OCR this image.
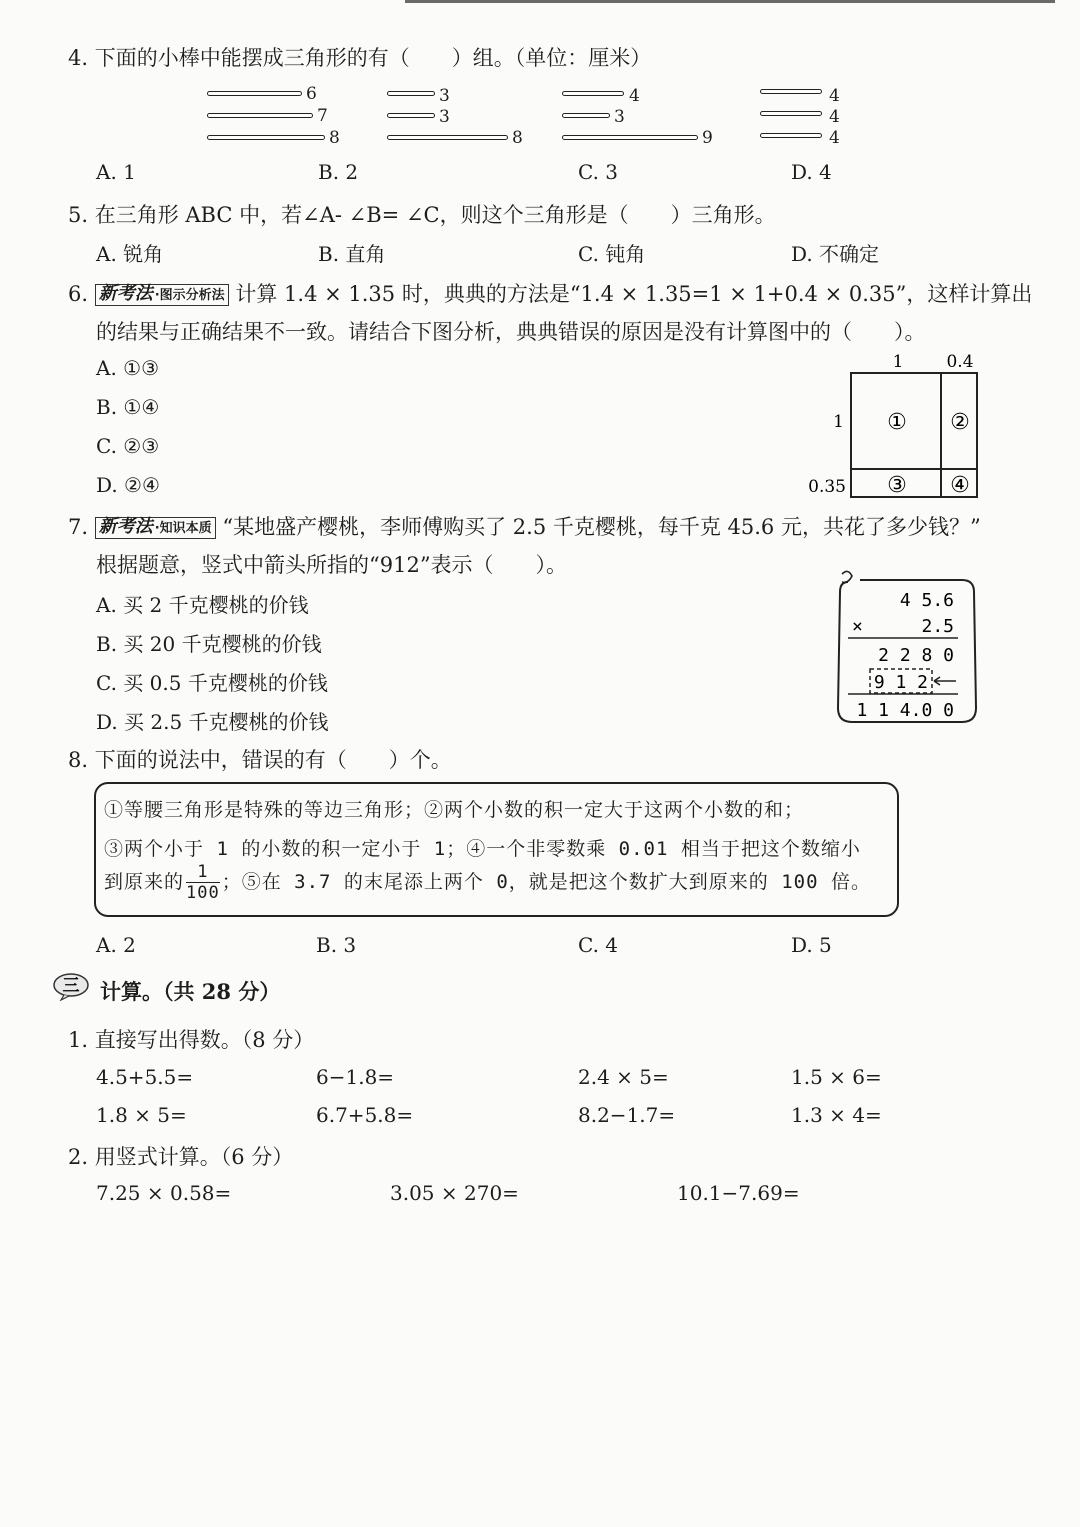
4. 下面的小棒中能摆成三角形的有（　　）组。（单位：厘米）
6
7
8
3
3
8
4
3
9
4
4
4
A. 1	B. 2	C. 3	D. 4
5. 在三角形 ABC 中，若∠A- ∠B= ∠C，则这个三角形是（　　）三角形。
A. 锐角	B. 直角	C. 钝角	D. 不确定
6. 新考法 ·图示分析法 计算 1.4 × 1.35 时，典典的方法是“1.4 × 1.35=1 × 1+0.4 × 0.35”，这样计算出
的结果与正确结果不一致。请结合下图分析，典典错误的原因是没有计算图中的（　　）。
A. ①③
B. ①④
C. ②③
D. ②④
1	0.4
1
0.35
① ②
③ ④
7. 新考法 ·知识本质 “某地盛产樱桃，李师傅购买了 2.5 千克樱桃，每千克 45.6 元，共花了多少钱？”
根据题意，竖式中箭头所指的“912”表示（　　）。
A. 买 2 千克樱桃的价钱
B. 买 20 千克樱桃的价钱
C. 买 0.5 千克樱桃的价钱
D. 买 2.5 千克樱桃的价钱
4 5.6
×	2.5
2 2 8 0
9 1 2
1 1 4.0 0
8. 下面的说法中，错误的有（　　）个。
①等腰三角形是特殊的等边三角形；②两个小数的积一定大于这两个小数的和；
③两个小于 1 的小数的积一定小于 1；④一个非零数乘 0.01 相当于把这个数缩小
到原来的 $\frac{1}{100}$ ；⑤在 3.7 的末尾添上两个 0，就是把这个数扩大到原来的 100 倍。
A. 2	B. 3	C. 4	D. 5
三 计算。（共 28 分）
1. 直接写出得数。（8 分）
4.5+5.5=	6−1.8=	2.4 × 5=	1.5 × 6=
1.8 × 5=	6.7+5.8=	8.2−1.7=	1.3 × 4=
2. 用竖式计算。（6 分）
7.25 × 0.58=	3.05 × 270=	10.1−7.69=
